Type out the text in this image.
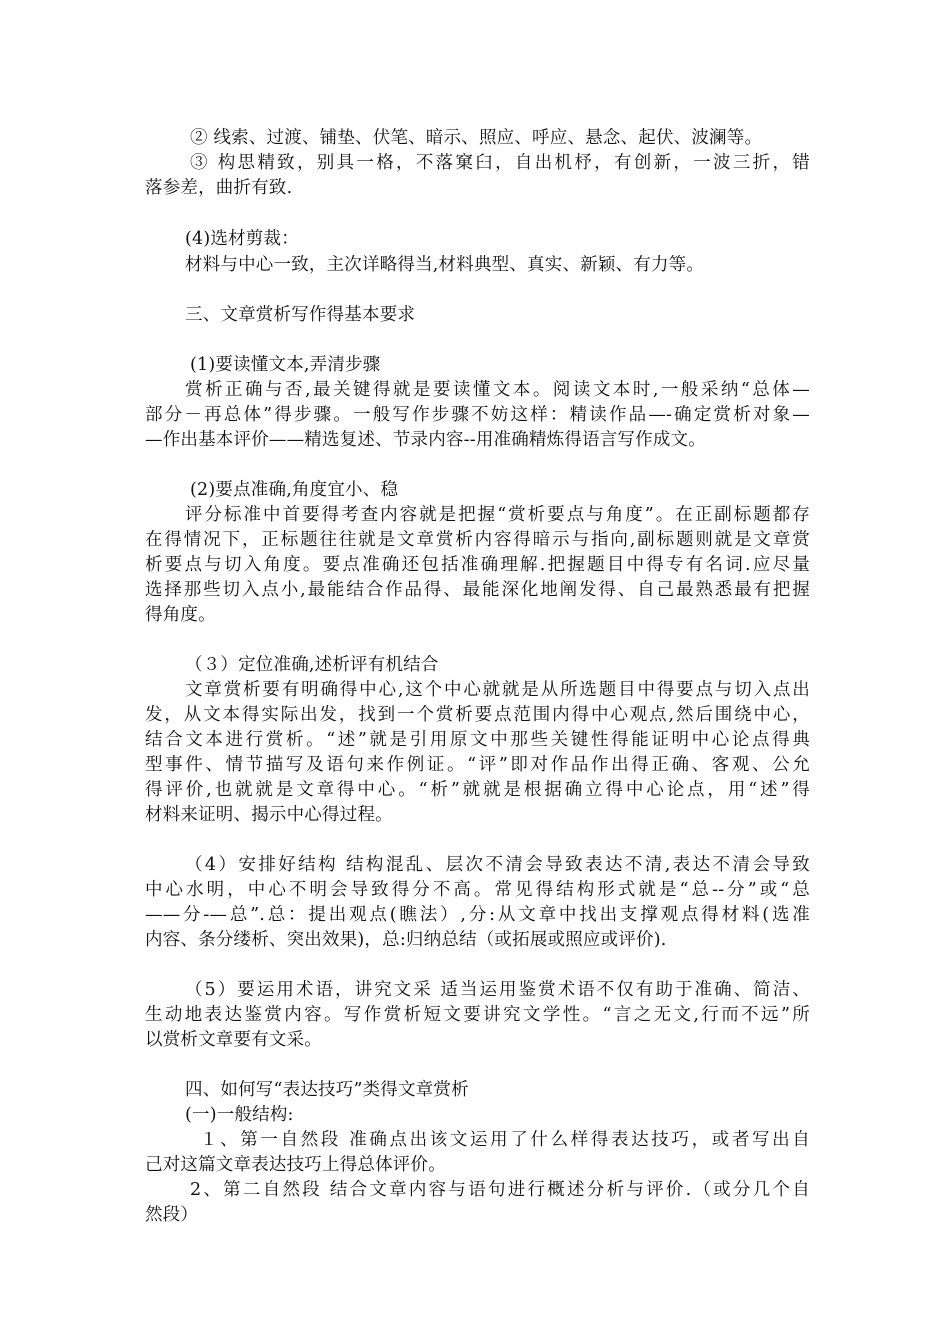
② 线索、过渡、铺垫、伏笔、暗示、照应、呼应、悬念、起伏、波澜等。
③ 构思精致，别具一格，不落窠臼，自出机杼，有创新，一波三折，错
落参差，曲折有致.
(4)选材剪裁：
材料与中心一致，主次详略得当,材料典型、真实、新颖、有力等。
三、文章赏析写作得基本要求
(1)要读懂文本,弄清步骤
赏析正确与否,最关键得就是要读懂文本。阅读文本时,一般采纳“总体—
部分－再总体”得步骤。一般写作步骤不妨这样：精读作品—-确定赏析对象—
—作出基本评价——精选复述、节录内容--用准确精炼得语言写作成文。
(2)要点准确,角度宜小、稳
评分标准中首要得考查内容就是把握“赏析要点与角度”。在正副标题都存
在得情况下，正标题往往就是文章赏析内容得暗示与指向,副标题则就是文章赏
析要点与切入角度。要点准确还包括准确理解.把握题目中得专有名词.应尽量
选择那些切入点小,最能结合作品得、最能深化地阐发得、自己最熟悉最有把握
得角度。
（３）定位准确,述析评有机结合
文章赏析要有明确得中心,这个中心就就是从所选题目中得要点与切入点出
发，从文本得实际出发，找到一个赏析要点范围内得中心观点,然后围绕中心，
结合文本进行赏析。“述”就是引用原文中那些关键性得能证明中心论点得典
型事件、情节描写及语句来作例证。“评”即对作品作出得正确、客观、公允
得评价,也就就是文章得中心。“析”就就是根据确立得中心论点，用“述”得
材料来证明、揭示中心得过程。
（4）安排好结构 结构混乱、层次不清会导致表达不清,表达不清会导致
中心水明，中心不明会导致得分不高。常见得结构形式就是“总--分”或“总
——分-—总”.总：提出观点(瞧法）,分:从文章中找出支撑观点得材料(选准
内容、条分缕析、突出效果)，总:归纳总结（或拓展或照应或评价).
（5）要运用术语，讲究文采 适当运用鉴赏术语不仅有助于准确、简洁、
生动地表达鉴赏内容。写作赏析短文要讲究文学性。“言之无文,行而不远”所
以赏析文章要有文采。
四、如何写“表达技巧”类得文章赏析
(一)一般结构:
１、第一自然段 准确点出该文运用了什么样得表达技巧，或者写出自
己对这篇文章表达技巧上得总体评价。
2、第二自然段 结合文章内容与语句进行概述分析与评价.（或分几个自
然段）
